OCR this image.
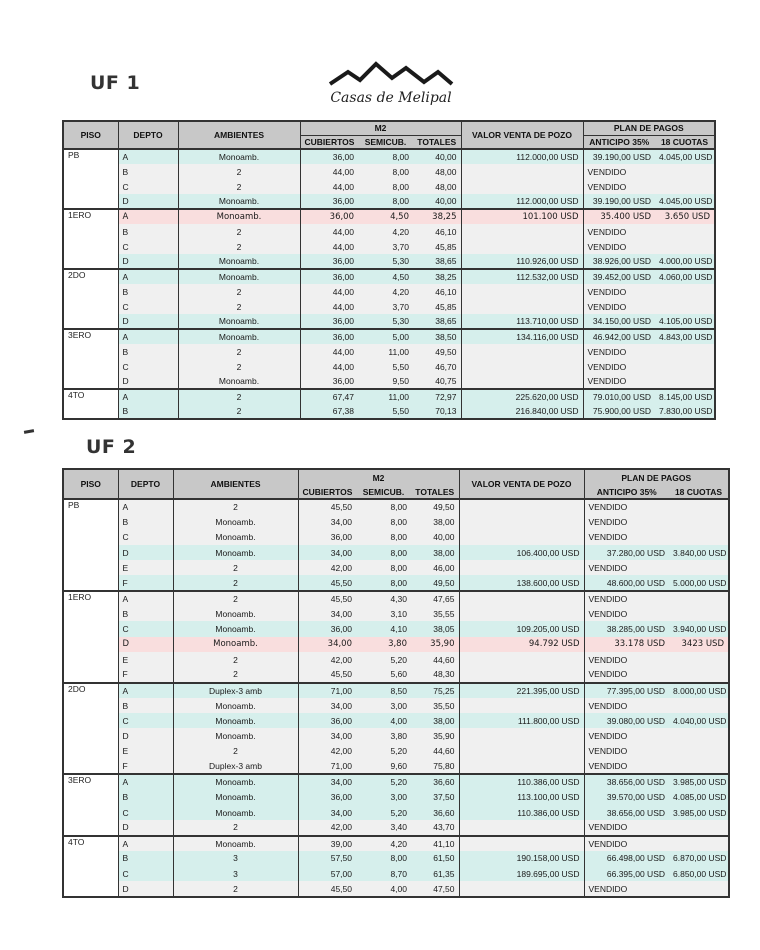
UF 1
Casas de Melipal
PISO	DEPTO	AMBIENTES	M2			VALOR VENTA DE POZO	PLAN DE PAGOS	
			CUBIERTOS	SEMICUB.	TOTALES		ANTICIPO 35%	18 CUOTAS
PB	A	Monoamb.	36,00	8,00	40,00	112.000,00 USD	39.190,00 USD	4.045,00 USD
	B	2	44,00	8,00	48,00		VENDIDO	
	C	2	44,00	8,00	48,00		VENDIDO	
	D	Monoamb.	36,00	8,00	40,00	112.000,00 USD	39.190,00 USD	4.045,00 USD
1ERO	A	Monoamb.	36,00	4,50	38,25	101.100 USD	35.400 USD	3.650 USD
	B	2	44,00	4,20	46,10		VENDIDO	
	C	2	44,00	3,70	45,85		VENDIDO	
	D	Monoamb.	36,00	5,30	38,65	110.926,00 USD	38.926,00 USD	4.000,00 USD
2DO	A	Monoamb.	36,00	4,50	38,25	112.532,00 USD	39.452,00 USD	4.060,00 USD
	B	2	44,00	4,20	46,10		VENDIDO	
	C	2	44,00	3,70	45,85		VENDIDO	
	D	Monoamb.	36,00	5,30	38,65	113.710,00 USD	34.150,00 USD	4.105,00 USD
3ERO	A	Monoamb.	36,00	5,00	38,50	134.116,00 USD	46.942,00 USD	4.843,00 USD
	B	2	44,00	11,00	49,50		VENDIDO	
	C	2	44,00	5,50	46,70		VENDIDO	
	D	Monoamb.	36,00	9,50	40,75		VENDIDO	
4TO	A	2	67,47	11,00	72,97	225.620,00 USD	79.010,00 USD	8.145,00 USD
	B	2	67,38	5,50	70,13	216.840,00 USD	75.900,00 USD	7.830,00 USD
UF 2
PISO	DEPTO	AMBIENTES	M2			VALOR VENTA DE POZO	PLAN DE PAGOS	
			CUBIERTOS	SEMICUB.	TOTALES		ANTICIPO 35%	18 CUOTAS
PB	A	2	45,50	8,00	49,50		VENDIDO	
	B	Monoamb.	34,00	8,00	38,00		VENDIDO	
	C	Monoamb.	36,00	8,00	40,00		VENDIDO	
	D	Monoamb.	34,00	8,00	38,00	106.400,00 USD	37.280,00 USD	3.840,00 USD
	E	2	42,00	8,00	46,00		VENDIDO	
	F	2	45,50	8,00	49,50	138.600,00 USD	48.600,00 USD	5.000,00 USD
1ERO	A	2	45,50	4,30	47,65		VENDIDO	
	B	Monoamb.	34,00	3,10	35,55		VENDIDO	
	C	Monoamb.	36,00	4,10	38,05	109.205,00 USD	38.285,00 USD	3.940,00 USD
	D	Monoamb.	34,00	3,80	35,90	94.792 USD	33.178 USD	3423 USD
	E	2	42,00	5,20	44,60		VENDIDO	
	F	2	45,50	5,60	48,30		VENDIDO	
2DO	A	Duplex-3 amb	71,00	8,50	75,25	221.395,00 USD	77.395,00 USD	8.000,00 USD
	B	Monoamb.	34,00	3,00	35,50		VENDIDO	
	C	Monoamb.	36,00	4,00	38,00	111.800,00 USD	39.080,00 USD	4.040,00 USD
	D	Monoamb.	34,00	3,80	35,90		VENDIDO	
	E	2	42,00	5,20	44,60		VENDIDO	
	F	Duplex-3 amb	71,00	9,60	75,80		VENDIDO	
3ERO	A	Monoamb.	34,00	5,20	36,60	110.386,00 USD	38.656,00 USD	3.985,00 USD
	B	Monoamb.	36,00	3,00	37,50	113.100,00 USD	39.570,00 USD	4.085,00 USD
	C	Monoamb.	34,00	5,20	36,60	110.386,00 USD	38.656,00 USD	3.985,00 USD
	D	2	42,00	3,40	43,70		VENDIDO	
4TO	A	Monoamb.	39,00	4,20	41,10		VENDIDO	
	B	3	57,50	8,00	61,50	190.158,00 USD	66.498,00 USD	6.870,00 USD
	C	3	57,00	8,70	61,35	189.695,00 USD	66.395,00 USD	6.850,00 USD
	D	2	45,50	4,00	47,50		VENDIDO	
